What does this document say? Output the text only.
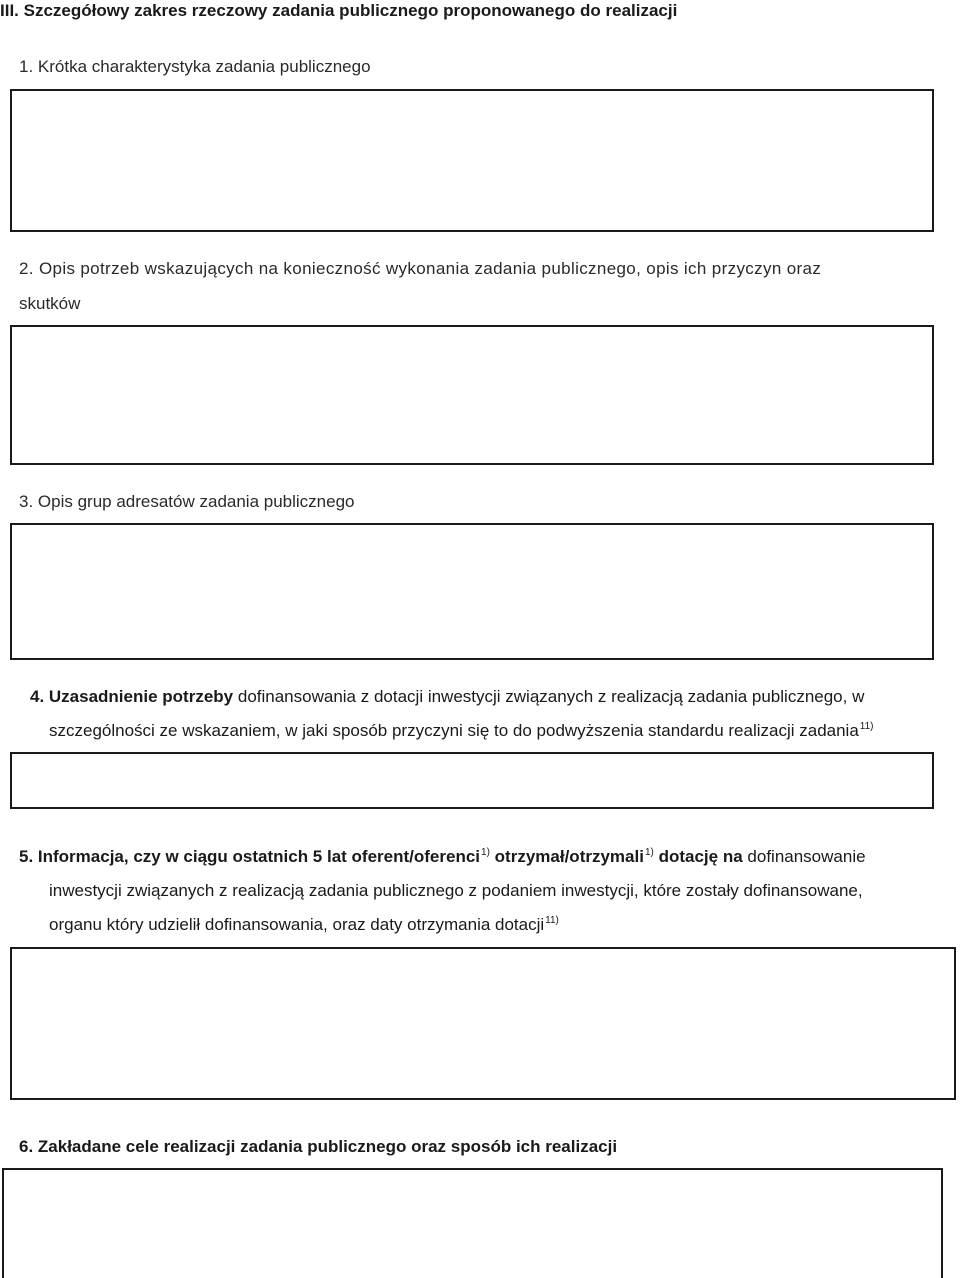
III. Szczegółowy zakres rzeczowy zadania publicznego proponowanego do realizacji
1. Krótka charakterystyka zadania publicznego
2. Opis potrzeb wskazujących na konieczność wykonania zadania publicznego, opis ich przyczyn oraz
skutków
3. Opis grup adresatów zadania publicznego
4. Uzasadnienie potrzeby dofinansowania z dotacji inwestycji związanych z realizacją zadania publicznego, w
szczególności ze wskazaniem, w jaki sposób przyczyni się to do podwyższenia standardu realizacji zadania$^{11)}$
5. Informacja, czy w ciągu ostatnich 5 lat oferent/oferenci$^{1)}$ otrzymał/otrzymali$^{1)}$ dotację na dofinansowanie
inwestycji związanych z realizacją zadania publicznego z podaniem inwestycji, które zostały dofinansowane,
organu który udzielił dofinansowania, oraz daty otrzymania dotacji$^{11)}$
6. Zakładane cele realizacji zadania publicznego oraz sposób ich realizacji
